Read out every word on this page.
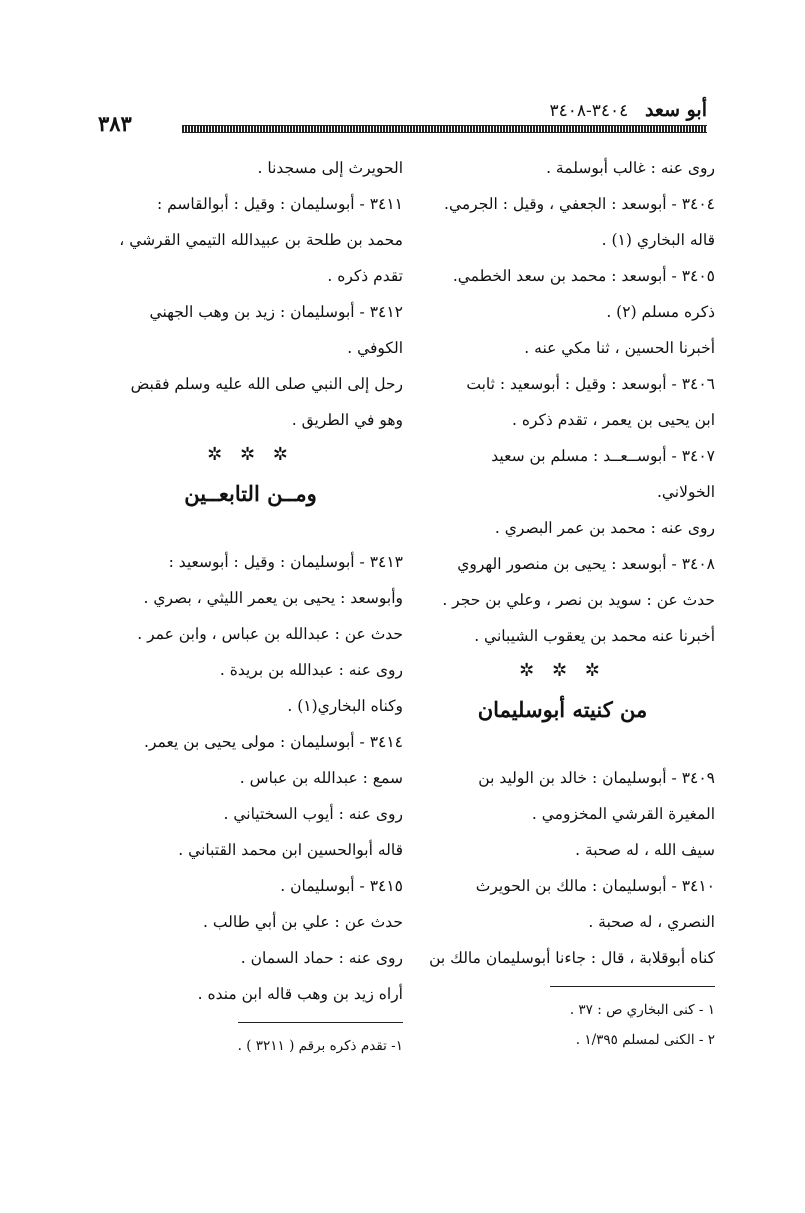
أبو سعد ٣٤٠٤-٣٤٠٨
٣٨٣
روى عنه : غالب أبوسلمة .
٣٤٠٤ - أبوسعد : الجعفي ، وقيل : الجرمي.
قاله البخاري (١) .
٣٤٠٥ - أبوسعد : محمد بن سعد الخطمي.
ذكره مسلم (٢) .
أخبرنا الحسين ، ثنا مكي عنه .
٣٤٠٦ - أبوسعد : وقيل : أبوسعيد : ثابت
ابن يحيى بن يعمر ، تقدم ذكره .
٣٤٠٧ - أبوســعــد : مسلم بن سعيد
الخولاني.
روى عنه : محمد بن عمر البصري .
٣٤٠٨ - أبوسعد : يحيى بن منصور الهروي
حدث عن : سويد بن نصر ، وعلي بن حجر .
أخبرنا عنه محمد بن يعقوب الشيباني .
✲ ✲ ✲
من كنيته أبوسليمان
٣٤٠٩ - أبوسليمان : خالد بن الوليد بن
المغيرة القرشي المخزومي .
سيف الله ، له صحبة .
٣٤١٠ - أبوسليمان : مالك بن الحويرث
النصري ، له صحبة .
كناه أبوقلابة ، قال : جاءنا أبوسليمان مالك بن
١ - كنى البخاري ص : ٣٧ .
٢ - الكنى لمسلم ١/٣٩٥ .
الحويرث إلى مسجدنا .
٣٤١١ - أبوسليمان : وقيل : أبوالقاسم :
محمد بن طلحة بن عبيدالله التيمي القرشي ،
تقدم ذكره .
٣٤١٢ - أبوسليمان : زيد بن وهب الجهني
الكوفي .
رحل إلى النبي صلى الله عليه وسلم فقبض
وهو في الطريق .
✲ ✲ ✲
ومــن التابعــين
٣٤١٣ - أبوسليمان : وقيل : أبوسعيد :
وأبوسعد : يحيى بن يعمر الليثي ، بصري .
حدث عن : عبدالله بن عباس ، وابن عمر .
روى عنه : عبدالله بن بريدة .
وكناه البخاري(١) .
٣٤١٤ - أبوسليمان : مولى يحيى بن يعمر.
سمع : عبدالله بن عباس .
روى عنه : أيوب السختياني .
قاله أبوالحسين ابن محمد القتباني .
٣٤١٥ - أبوسليمان .
حدث عن : علي بن أبي طالب .
روى عنه : حماد السمان .
أراه زيد بن وهب قاله ابن منده .
١- تقدم ذكره برقم ( ٣٢١١ ) .
